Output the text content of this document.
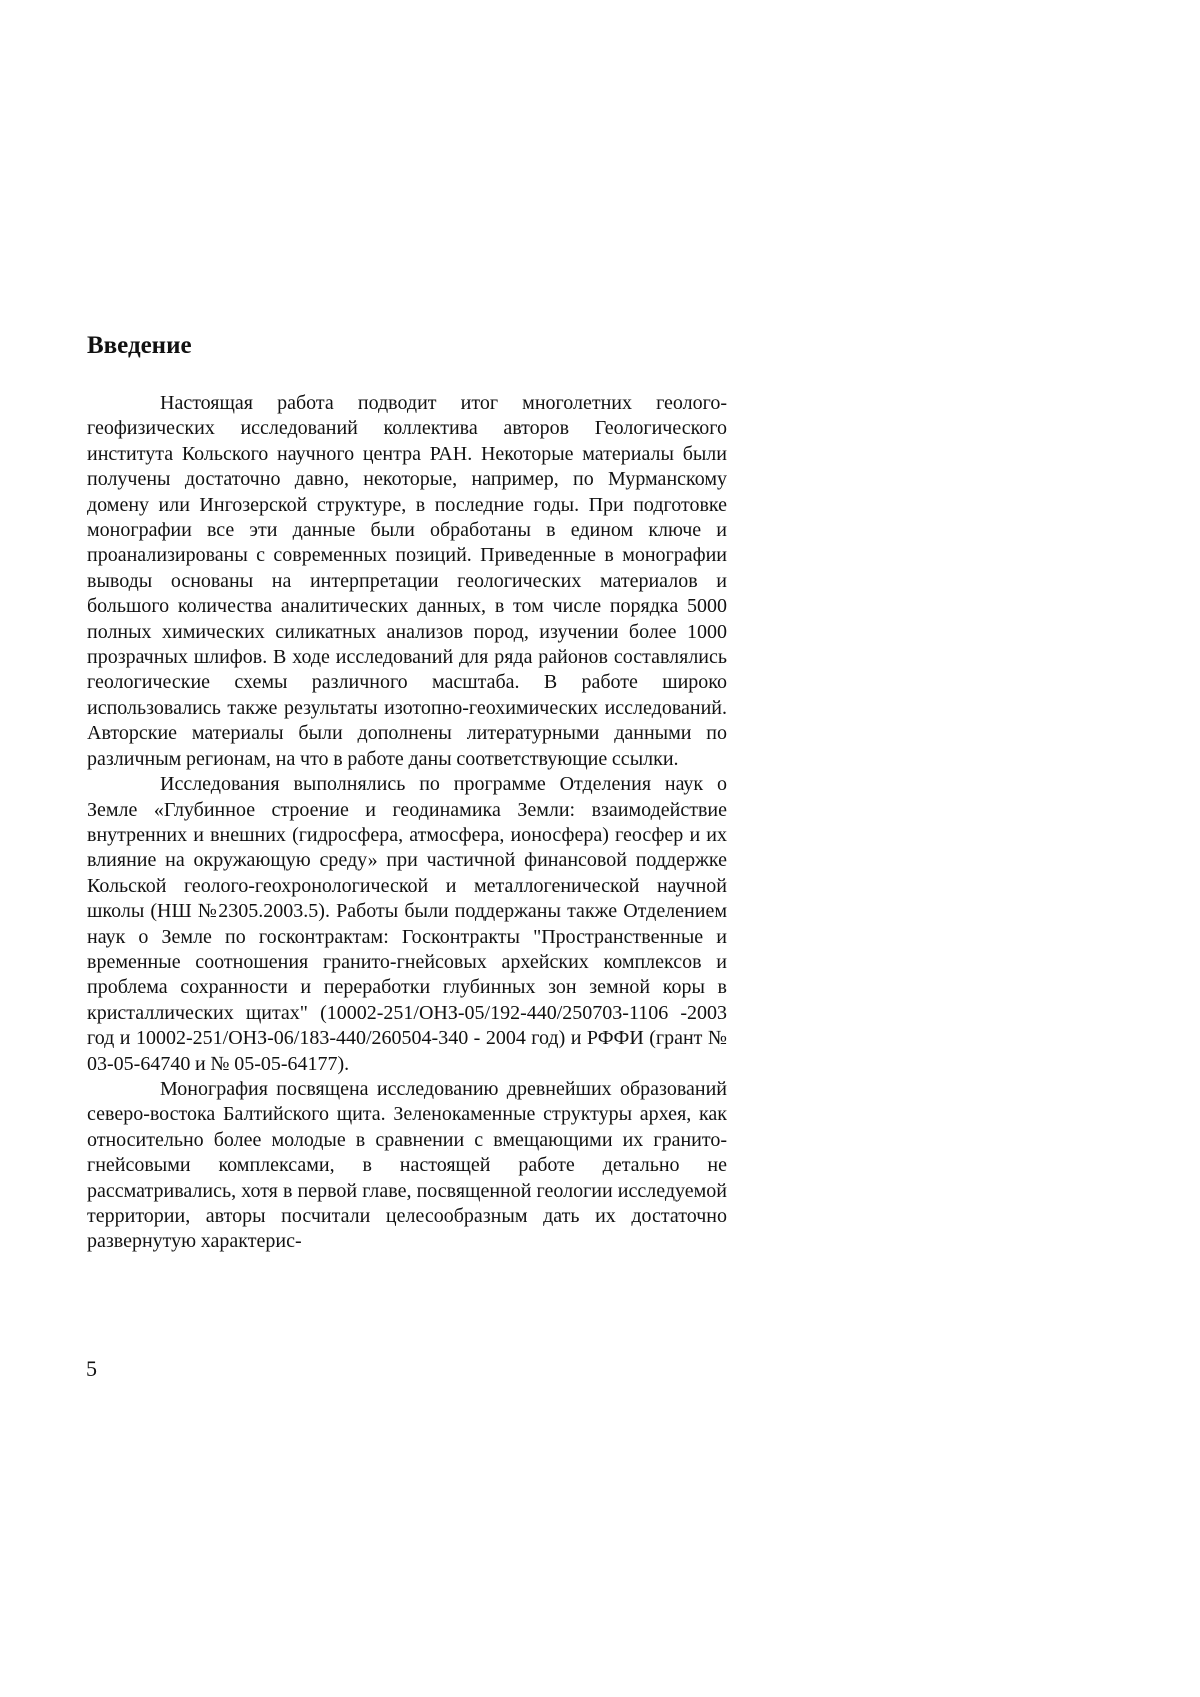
Введение

Настоящая работа подводит итог многолетних геолого-геофизических исследований коллектива авторов Геологического института Кольского научного центра РАН. Некоторые материалы были получены достаточно давно, некоторые, например, по Мурманскому домену или Ингозерской структуре, в последние годы. При подготовке монографии все эти данные были обработаны в едином ключе и проанализированы с современных позиций. Приведенные в монографии выводы основаны на интерпретации геологических материалов и большого количества аналитических данных, в том числе порядка 5000 полных химических силикатных анализов пород, изучении более 1000 прозрачных шлифов. В ходе исследований для ряда районов составлялись геологические схемы различного масштаба. В работе широко использовались также результаты изотопно-геохимических исследований. Авторские материалы были дополнены литературными данными по различным регионам, на что в работе даны соответствующие ссылки.

Исследования выполнялись по программе Отделения наук о Земле «Глубинное строение и геодинамика Земли: взаимодействие внутренних и внешних (гидросфера, атмосфера, ионосфера) геосфер и их влияние на окружающую среду» при частичной финансовой поддержке Кольской геолого-геохронологической и металлогенической научной школы (НШ №2305.2003.5). Работы были поддержаны также Отделением наук о Земле по госконтрактам: Госконтракты "Пространственные и временные соотношения гранито-гнейсовых архейских комплексов и проблема сохранности и переработки глубинных зон земной коры в кристаллических щитах" (10002-251/ОНЗ-05/192-440/250703-1106 -2003 год и 10002-251/ОНЗ-06/183-440/260504-340 - 2004 год) и РФФИ (грант № 03-05-64740 и № 05-05-64177).

Монография посвящена исследованию древнейших образований северо-востока Балтийского щита. Зеленокаменные структуры архея, как относительно более молодые в сравнении с вмещающими их гранито-гнейсовыми комплексами, в настоящей работе детально не рассматривались, хотя в первой главе, посвященной геологии исследуемой территории, авторы посчитали целесообразным дать их достаточно развернутую характерис-

5
